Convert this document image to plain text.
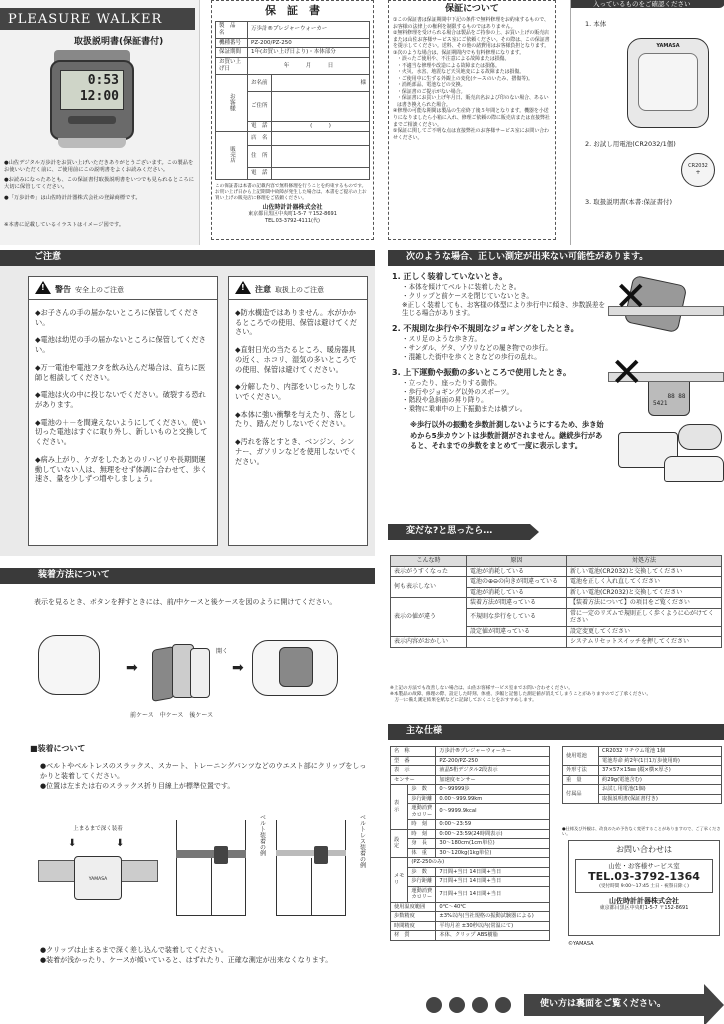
PLEASURE WALKER
取扱説明書(保証書付)
0:53
12:00

●山佐デジタル万歩計をお買い上げいただきありがとうございます。この製品をお使いいただく前に、ご使用前にこの説明書をよくお読みください。

●お読みになったあとも、この保証書付取扱説明書をいつでも見られるところに大切に保管してください。

●「万歩計®」は山佐時計計器株式会社の登録商標です。

※本書に記載しているイラストはイメージ図です。
保　証　書
製　品　名	万歩計®プレジャーウォーカー	
機種番号	PZ-200/PZ-250	
保証期間	1年(お買い上げ日より)・本体部分	
お買い上げ日	年　　　月　　　日	
お客様	お名前	様
	ご住所	
	電　話	(　　　)
販売店	店　名	
	住　所	
	電　話	

この保証書は本書の記載内容で無料修理を行うことを約束するものです。お買い上げ日から上記期間中故障が発生した場合は、本書をご提示の上お買い上げの販売店に修理をご依頼ください。

山佐時計計器株式会社
東京都目黒区中央町1-5-7 〒152-8691
TEL.03-3792-4111(代)
保証について

①この保証書は保証期間中下記の条件で無料修理をお約束するもので、お客様の法律上の権利を制限するものではありません。

②無料修理を受けられる場合は製品をご持参の上、お買い上げの販売店または山佐お客様サービス室にご依頼ください。その際は、この保証書を提示してください。送料、その他の諸費用はお客様負担となります。

③次のような場合は、保証期間内でも有料修理になります。

・誤ったご使用や、不注意による故障または損傷。

・不適当な修理や改造による故障または損傷。

・火災、水害、地震など天災地変による故障または損傷。

・ご使用中に生ずる外観上の変化(ケースのいたみ、摺傷等)。

・消耗部品、電池などの交換。

・保証書のご提示がない場合。

・保証書にお買い上げ年月日、販売店名および印のない場合、あるいは書き換えられた場合。

④修理の可能な期間は製品の生産終了後５年間となります。機器を小送りになりましたら小箱に入れ、修理ご依頼の際に販売店または直接弊社までご相談ください。

⑤保証に関してご不明な点は直接弊社のお客様サービス室にお問い合わせください。

入っているものをご確認ください
1. 本体
YAMASA
2. お試し用電池(CR2032/1個)
CR2032
+
3. 取扱説明書(本書:保証書付)
ご注意
!警告 安全上のご注意

◆お子さんの手の届かないところに保管してください。

◆電池は幼児の手の届かないところに保管してください。

◆万一電池や電池フタを飲み込んだ場合は、直ちに医師と相談してください。

◆電池は火の中に投じないでください。破裂する恐れがあります。

◆電池の＋－を間違えないようにしてください。使い切った電池はすぐに取り外し、新しいものと交換してください。

◆病み上がり、ケガをしたあとのリハビリや長期間運動していない人は、無理をせず体調に合わせて、歩く速さ、量を少しずつ増やしましょう。

!注意 取扱上のご注意

◆防水構造ではありません。水がかかるところでの使用、保管は避けてください。

◆直射日光の当たるところ、暖房器具の近く、ホコリ、湿気の多いところでの使用、保管は避けてください。

◆分解したり、内部をいじったりしないでください。

◆本体に強い衝撃を与えたり、落としたり、踏んだりしないでください。

◆汚れを落とすとき、ベンジン、シンナー、ガソリンなどを使用しないでください。

次のような場合、正しい測定が出来ない可能性があります。
1. 正しく装着していないとき。

・本体を傾けてベルトに装着したとき。

・クリップと前ケースを閉じていないとき。

※正しく装着しても、お客様の体型により歩行中に傾き、歩数誤差を生じる場合があります。

2. 不規則な歩行や不規則なジョギングをしたとき。

・スリ足のような歩き方。

・サンダル、ゲタ、ゾウリなどの履き物での歩行。

・混雑した街中を歩くときなどの歩行の乱れ。

3. 上下運動や振動の多いところで使用したとき。

・立ったり、座ったりする動作。

・歩行やジョギング以外のスポーツ。

・階段や急斜面の昇り降り。

・乗物に乗車中の上下振動または横ブレ。

※歩行以外の振動を歩数計測しないようにするため、歩き始めから5歩カウントは歩数計測がされません。継続歩行があると、それまでの歩数をまとめて一度に表示します。

✕

88 88
5421

✕
変だな?と思ったら…
こんな時	原因	対処方法
表示がうすくなった	電池が消耗している	新しい電池(CR2032)と交換してください
何も表示しない	電池の⊕⊖の向きが間違っている	電池を正しく入れ直してください
	電池が消耗している	新しい電池(CR2032)と交換してください
表示の値が違う	装着方法が間違っている	【装着方法について】の項目をご覧ください
	不規則な歩行をしている	常に一定のリズムで規則正しく歩くように心がけてください
	設定値が間違っている	設定変更してください
表示内容がおかしい		システムリセットスイッチを押してください

※上記の方法でも改善しない場合は、山佐お客様サービス室までお問い合わせください。

※本製品の故障、修理の際、設定した時刻、体重、歩幅と記憶した測定値が消えてしまうことがありますのでご了承ください。

　万一に備え測定結果を紙などに記録しておくことをおすすめします。

装着方法について

表示を見るとき、ボタンを押すときには、前/中ケースと後ケースを図のように開けてください。

➡
開く
➡
前ケース　中ケース　後ケース
■装着について

●ベルトやベルトレスのスラックス、スカート、トレーニングパンツなどのウエスト部にクリップをしっかりと装着してください。

●位置は左または右のスラックス折り目線上が標準位置です。

上まるまで深く装着
⬇	⬇
YAMASA
ベルト装着の例	ベルトレス装着の例

●クリップは止まるまで深く差し込んで装着してください。

●装着が浅かったり、ケースが傾いていると、はずれたり、正確な測定が出来なくなります。

主な仕様
名　称		万歩計®プレジャーウォーカー
型　番		PZ-200/PZ-250
表　示		液晶5桁デジタル2段表示
センサー		加速度センサー
表　示	歩　数	0〜99999歩
	歩行距離	0.00〜999.99km
	運動消費カロリー	0〜9999.9kcal
	時　刻	0:00〜23:59
設　定	時　刻	0:00〜23:59(24時間表示)
	身　長	30〜180cm(1cm単位)
	体　重	30〜120kg(1kg単位)
メモリ	(PZ-250のみ)	
	歩　数	7日間+当日 14日間+当日
	歩行距離	7日間+当日 14日間+当日
	運動消費カロリー	7日間+当日 14日間+当日
使用温度範囲		0℃〜40℃
歩数精度		±3%以内(当社規格の振動試験器による)
時間精度		平均月差 ±30秒以内(常温にて)
材　質		本体、クリップ ABS樹脂
使用電池	CR2032 リチウム電池 1個
	電池寿命 約2年(1日1万歩使用時)
外形寸法	37×57×15㎜ (縦×横×厚さ)
重　量	約29g(電池含む)
付属品	お試し用電池(1個)
	取扱説明書(保証書付き)
●仕様及び外観は、改良のため予告なく変更することがありますので、ご了承ください。
お問い合わせは
山佐・お客様サービス室
TEL.03-3792-1364
(受付時間 9:00〜17:45 土日・祝祭日除く)
山佐時計計器株式会社
東京都目黒区中央町1-5-7 〒152-8691
©YAMASA
使い方は裏面をご覧ください。
